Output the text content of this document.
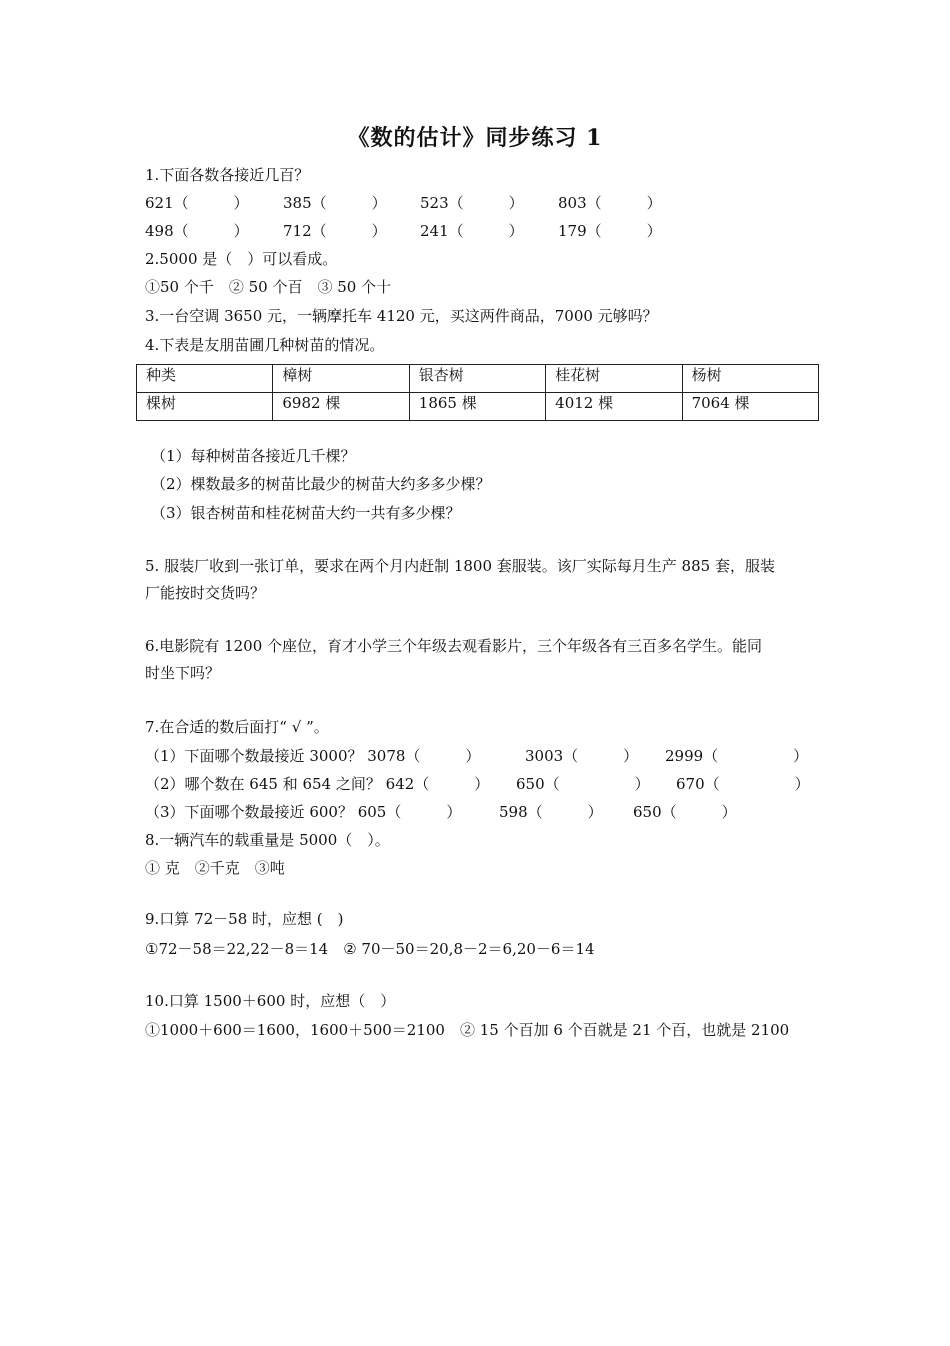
《数的估计》同步练习 1
1.下面各数各接近几百？
621（　　　） 385（　　　） 523（　　　） 803（　　　）
498（　　　） 712（　　　） 241（　　　） 179（　　　）
2.5000 是（　）可以看成。
①50 个千　② 50 个百　③ 50 个十
3.一台空调 3650 元，一辆摩托车 4120 元，买这两件商品，7000 元够吗？
4.下表是友朋苗圃几种树苗的情况。
种类	樟树	银杏树	桂花树	杨树
棵树	6982 棵	1865 棵	4012 棵	7064 棵
（1）每种树苗各接近几千棵？
（2）棵数最多的树苗比最少的树苗大约多多少棵？
（3）银杏树苗和桂花树苗大约一共有多少棵？
5. 服装厂收到一张订单，要求在两个月内赶制 1800 套服装。该厂实际每月生产 885 套，服装
厂能按时交货吗？
6.电影院有 1200 个座位，育才小学三个年级去观看影片，三个年级各有三百多名学生。能同
时坐下吗？
7.在合适的数后面打“ √ ”。
（1）下面哪个数最接近 3000？ 3078（　　　）	3003（　　　） 2999（　　　　　）
（2）哪个数在 645 和 654 之间？ 642（　　　） 650（　　　　　） 670（　　　　　）
（3）下面哪个数最接近 600？ 605（　　　）	598（　　　） 650（　　　）
8.一辆汽车的载重量是 5000（　）。
① 克　②千克　③吨
9.口算 72－58 时，应想 (　)
①72－58＝22,22－8＝14　② 70－50＝20,8－2＝6,20－6＝14
10.口算 1500＋600 时，应想（　）
①1000＋600＝1600，1600＋500＝2100　② 15 个百加 6 个百就是 21 个百，也就是 2100
